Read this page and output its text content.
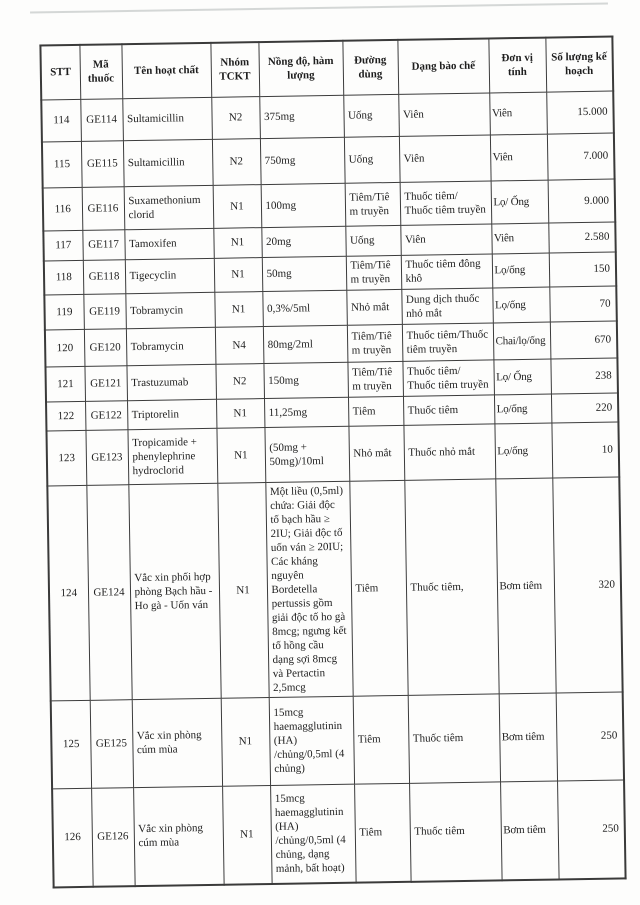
STT	Mã thuốc	Tên hoạt chất	Nhóm TCKT	Nồng độ, hàm lượng	Đường dùng	Dạng bào chế	Đơn vị tính	Số lượng kế hoạch
114	GE114	Sultamicillin	N2	375mg	Uống	Viên	Viên	15.000
115	GE115	Sultamicillin	N2	750mg	Uống	Viên	Viên	7.000
116	GE116	Suxamethonium clorid	N1	100mg	Tiêm/Tiêm truyền	Thuốc tiêm/ Thuốc tiêm truyền	Lọ/ Ống	9.000
117	GE117	Tamoxifen	N1	20mg	Uống	Viên	Viên	2.580
118	GE118	Tigecyclin	N1	50mg	Tiêm/Tiêm truyền	Thuốc tiêm đông khô	Lọ/ống	150
119	GE119	Tobramycin	N1	0,3%/5ml	Nhỏ mắt	Dung dịch thuốc nhỏ mắt	Lọ/ống	70
120	GE120	Tobramycin	N4	80mg/2ml	Tiêm/Tiêm truyền	Thuốc tiêm/Thuốc tiêm truyền	Chai/lọ/ống	670
121	GE121	Trastuzumab	N2	150mg	Tiêm/Tiêm truyền	Thuốc tiêm/ Thuốc tiêm truyền	Lọ/ Ống	238
122	GE122	Triptorelin	N1	11,25mg	Tiêm	Thuốc tiêm	Lọ/ống	220
123	GE123	Tropicamide + phenylephrine hydroclorid	N1	(50mg + 50mg)/10ml	Nhỏ mắt	Thuốc nhỏ mắt	Lọ/ống	10
124	GE124	Vắc xin phối hợp phòng Bạch hầu - Ho gà - Uốn ván	N1	Một liều (0,5ml) chứa: Giải độc tố bạch hầu ≥ 2IU; Giải độc tố uốn ván ≥ 20IU; Các kháng nguyên Bordetella pertussis gồm giải độc tố ho gà 8mcg; ngưng kết tố hồng cầu dạng sợi 8mcg và Pertactin 2,5mcg	Tiêm	Thuốc tiêm,	Bơm tiêm	320
125	GE125	Vắc xin phòng cúm mùa	N1	15mcg haemagglutinin (HA) /chủng/0,5ml (4 chủng)	Tiêm	Thuốc tiêm	Bơm tiêm	250
126	GE126	Vắc xin phòng cúm mùa	N1	15mcg haemagglutinin (HA) /chủng/0,5ml (4 chủng, dạng mảnh, bất hoạt)	Tiêm	Thuốc tiêm	Bơm tiêm	250
